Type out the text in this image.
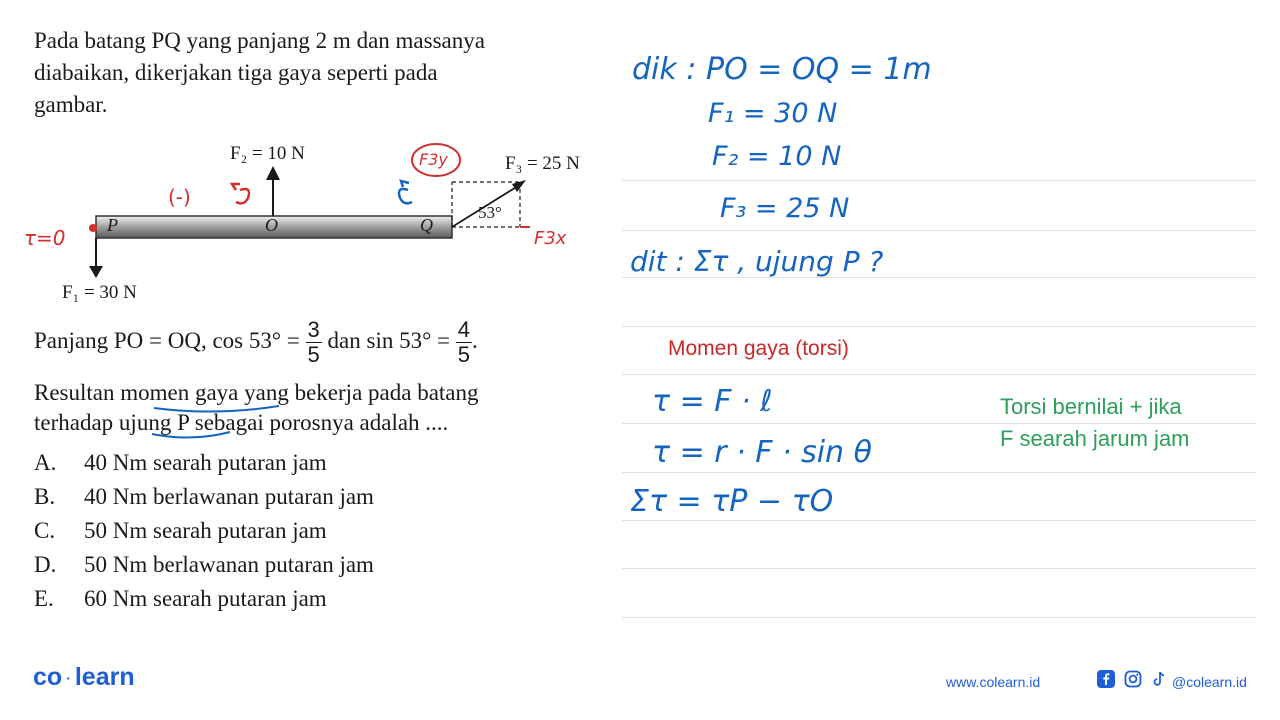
Pada batang PQ yang panjang 2 m dan massanya
diabaikan, dikerjakan tiga gaya seperti pada
gambar.
F₂ = 10 N	F₃ = 25 N
F₁ = 30 N
P	O	Q
53°
(-)
τ=0
F3y
F3x
Panjang PO = OQ, $\cos 53^\circ = \frac{3}{5}$ dan $\sin 53^\circ = \frac{4}{5}$ .
Resultan momen gaya yang bekerja pada batang
terhadap ujung P sebagai porosnya adalah ....
A. 40 Nm searah putaran jam
B. 40 Nm berlawanan putaran jam
C. 50 Nm searah putaran jam
D. 50 Nm berlawanan putaran jam
E. 60 Nm searah putaran jam
dik : PO = OQ = 1m
F₁ = 30 N
F₂ = 10 N
F₃ = 25 N
dit : Στ , ujung P ?
Momen gaya (torsi)
τ = F · ℓ
τ = r · F · sin θ
Στ = τP − τO
Torsi bernilai + jika
F searah jarum jam
co · learn	www.colearn.id	@colearn.id
